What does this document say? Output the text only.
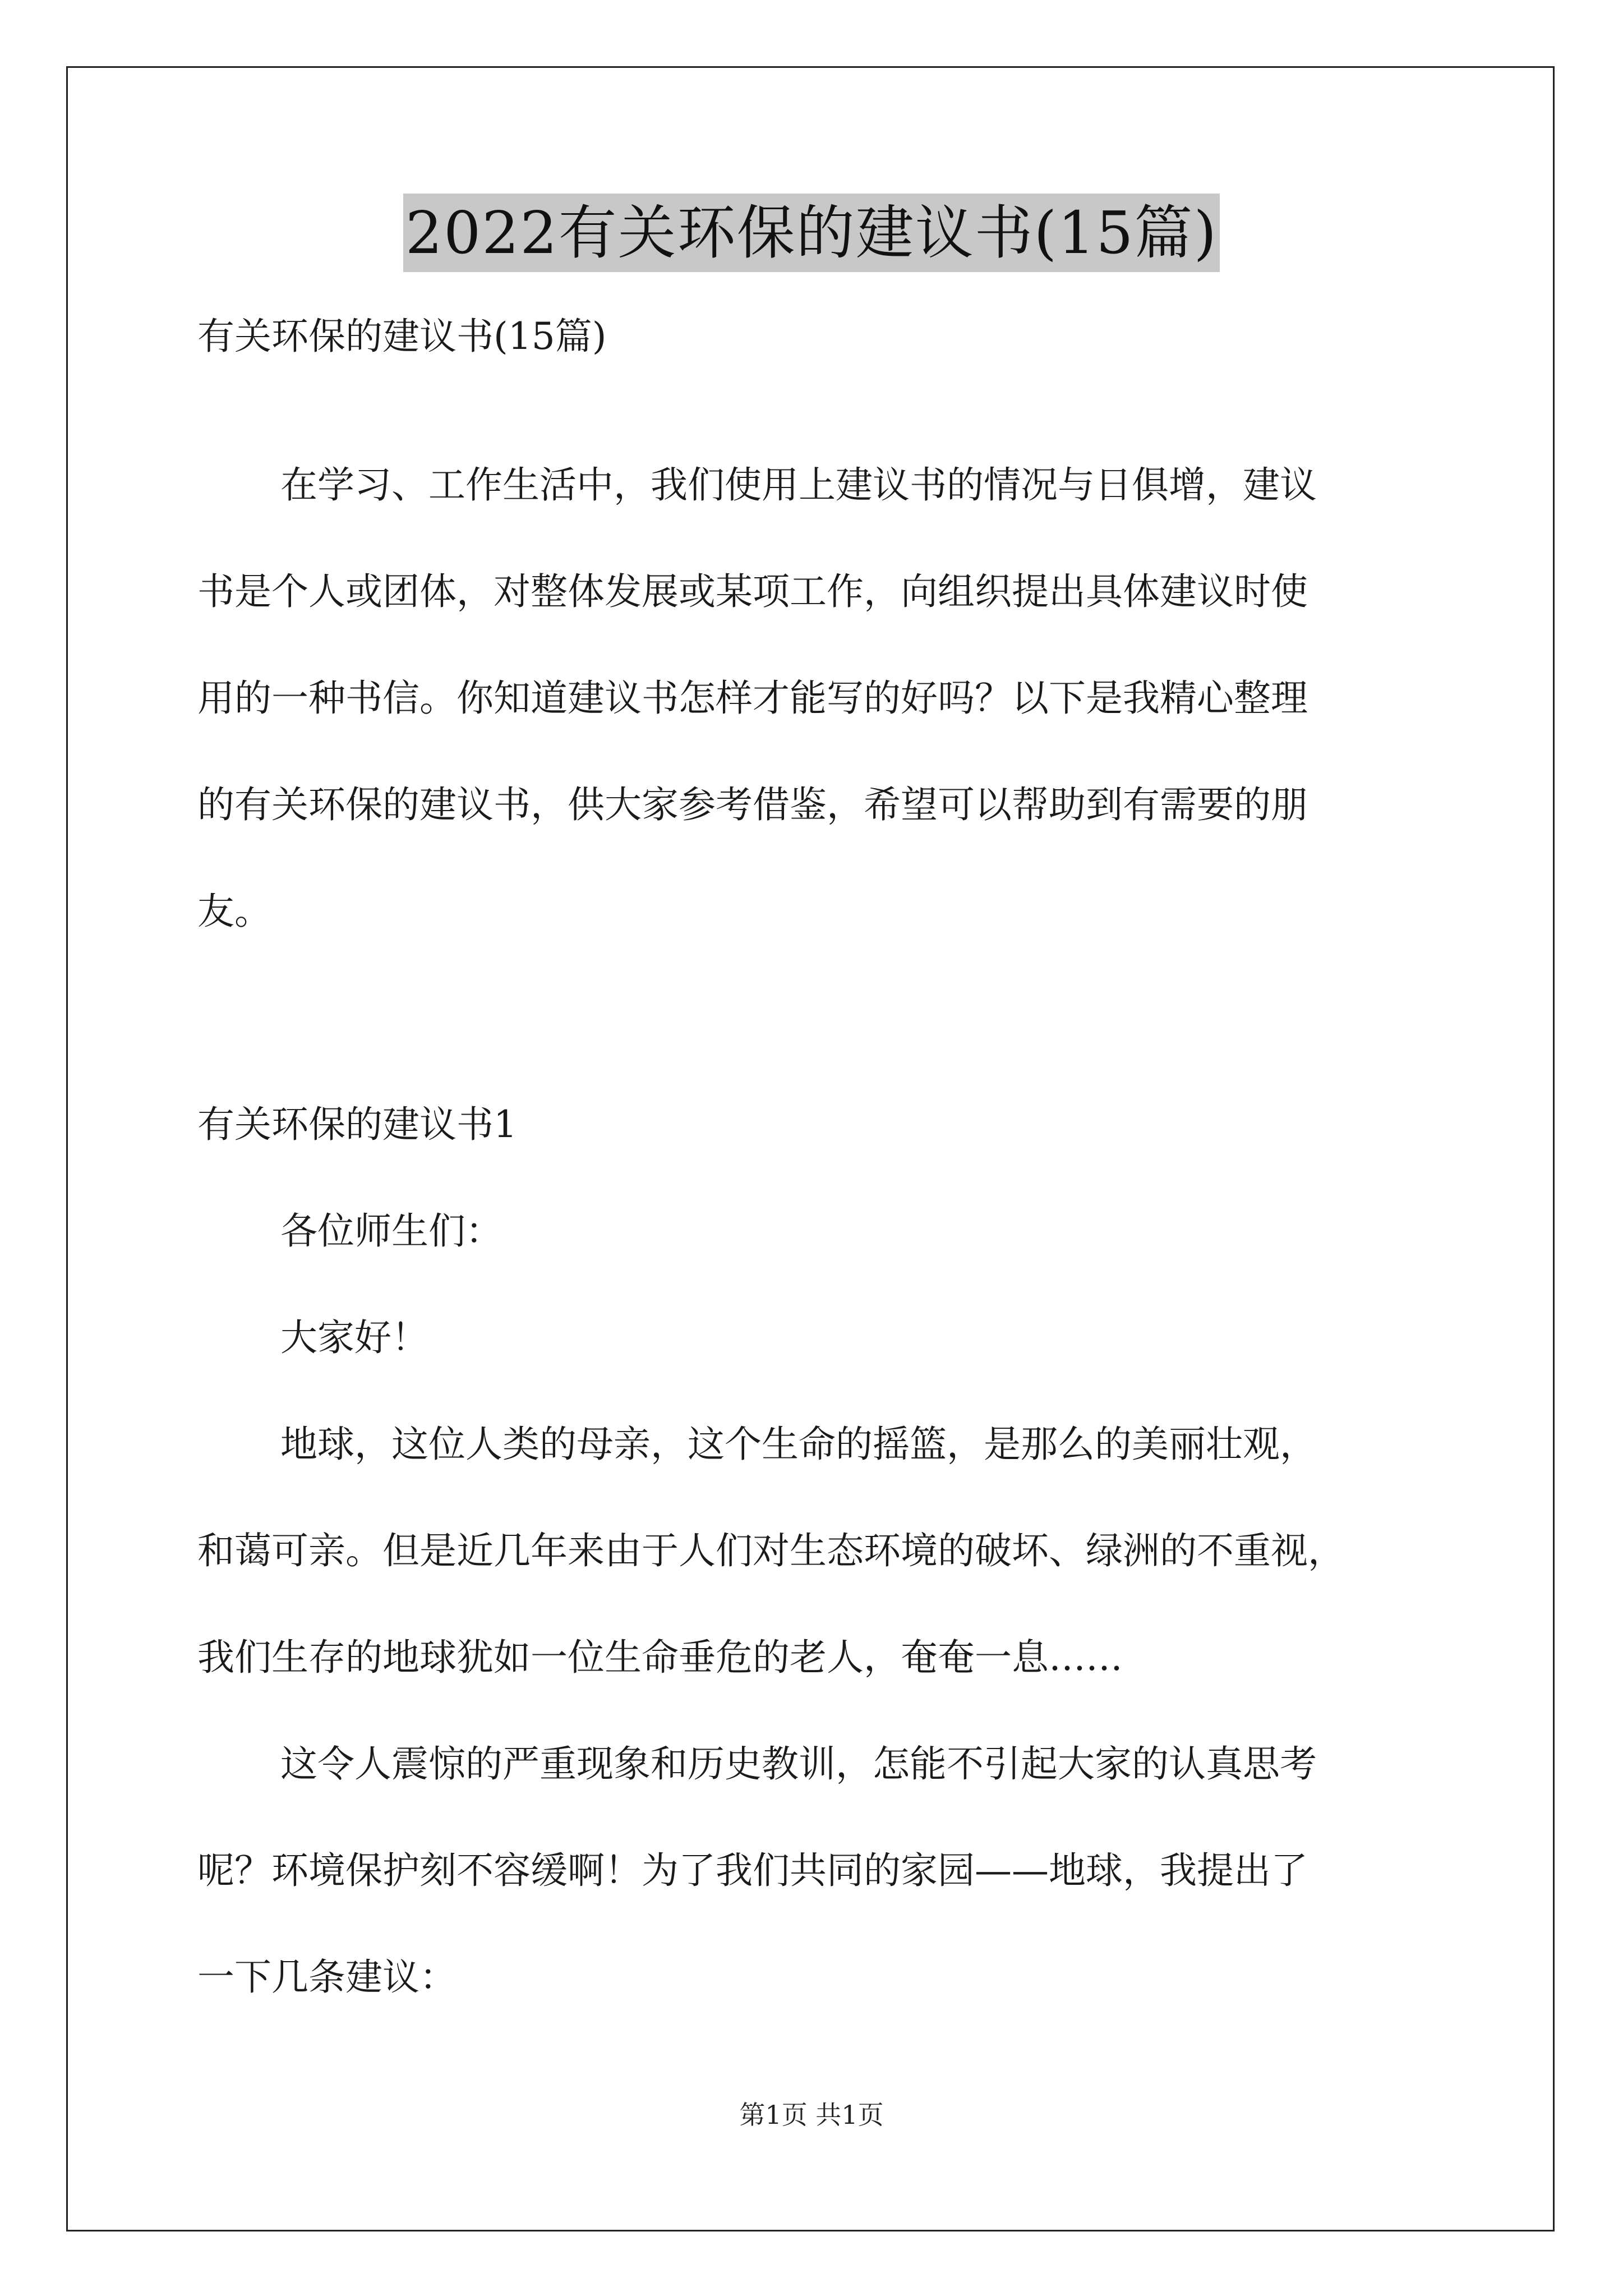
2022有关环保的建议书(15篇)
有关环保的建议书(15篇)
在学习、工作生活中，我们使用上建议书的情况与日俱增，建议
书是个人或团体，对整体发展或某项工作，向组织提出具体建议时使
用的一种书信。你知道建议书怎样才能写的好吗？以下是我精心整理
的有关环保的建议书，供大家参考借鉴，希望可以帮助到有需要的朋
友。
有关环保的建议书1
各位师生们：
大家好！
地球，这位人类的母亲，这个生命的摇篮，是那么的美丽壮观，
和蔼可亲。但是近几年来由于人们对生态环境的破坏、绿洲的不重视，
我们生存的地球犹如一位生命垂危的老人，奄奄一息……
这令人震惊的严重现象和历史教训，怎能不引起大家的认真思考
呢？环境保护刻不容缓啊！为了我们共同的家园——地球，我提出了
一下几条建议：
第1页 共1页
